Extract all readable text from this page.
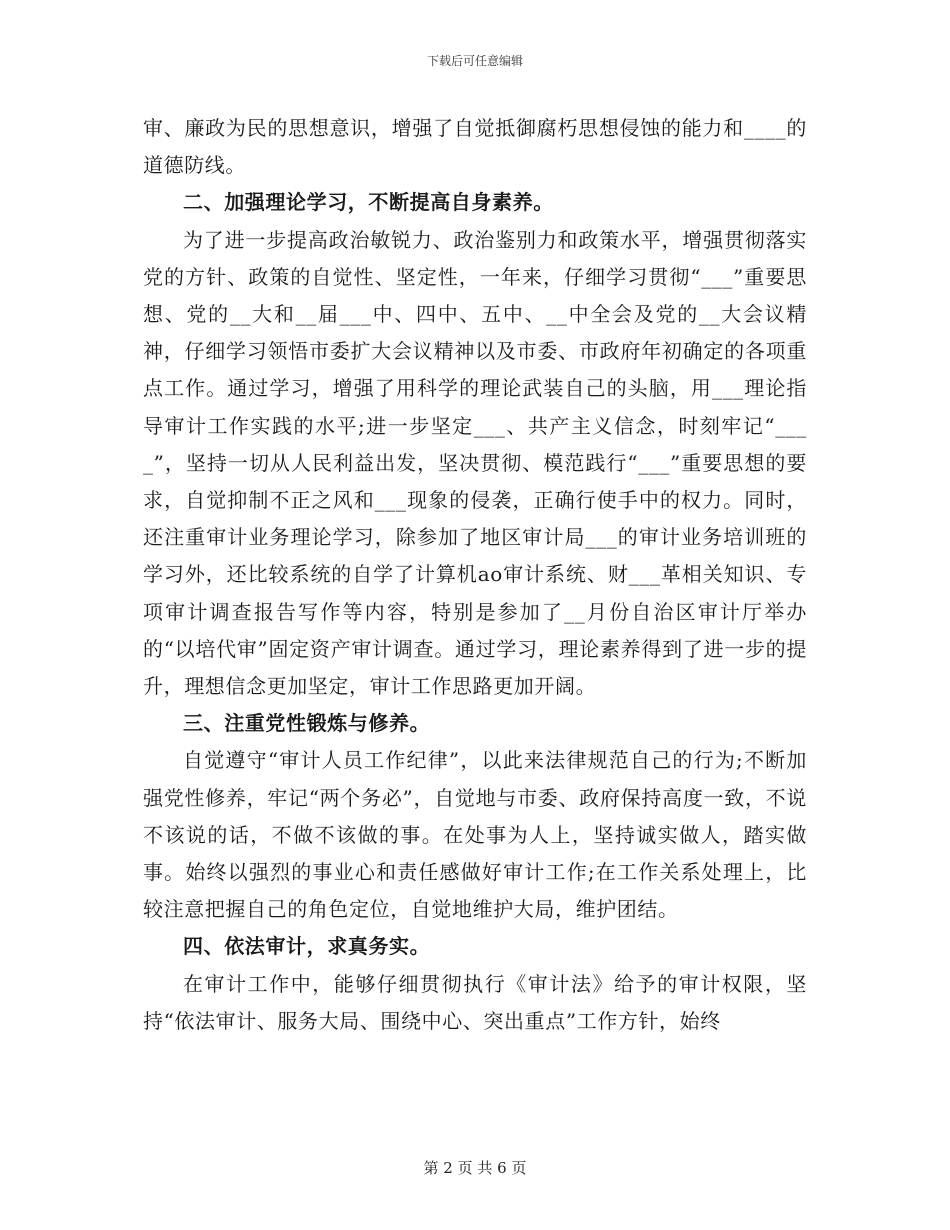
下载后可任意编辑

审、廉政为民的思想意识，增强了自觉抵御腐朽思想侵蚀的能力和____的道德防线。

二、加强理论学习，不断提高自身素养。

为了进一步提高政治敏锐力、政治鉴别力和政策水平，增强贯彻落实党的方针、政策的自觉性、坚定性，一年来，仔细学习贯彻“___”重要思想、党的__大和__届___中、四中、五中、__中全会及党的__大会议精神，仔细学习领悟市委扩大会议精神以及市委、市政府年初确定的各项重点工作。通过学习，增强了用科学的理论武装自己的头脑，用___理论指导审计工作实践的水平;进一步坚定___、共产主义信念，时刻牢记“____”，坚持一切从人民利益出发，坚决贯彻、模范践行“___”重要思想的要求，自觉抑制不正之风和___现象的侵袭，正确行使手中的权力。同时，还注重审计业务理论学习，除参加了地区审计局___的审计业务培训班的学习外，还比较系统的自学了计算机ao审计系统、财___革相关知识、专项审计调查报告写作等内容，特别是参加了__月份自治区审计厅举办的“以培代审”固定资产审计调查。通过学习，理论素养得到了进一步的提升，理想信念更加坚定，审计工作思路更加开阔。

三、注重党性锻炼与修养。

自觉遵守“审计人员工作纪律”，以此来法律规范自己的行为;不断加强党性修养，牢记“两个务必”，自觉地与市委、政府保持高度一致，不说不该说的话，不做不该做的事。在处事为人上，坚持诚实做人，踏实做事。始终以强烈的事业心和责任感做好审计工作;在工作关系处理上，比较注意把握自己的角色定位，自觉地维护大局，维护团结。

四、依法审计，求真务实。

在审计工作中，能够仔细贯彻执行《审计法》给予的审计权限，坚持“依法审计、服务大局、围绕中心、突出重点”工作方针，始终

第 2 页 共 6 页
